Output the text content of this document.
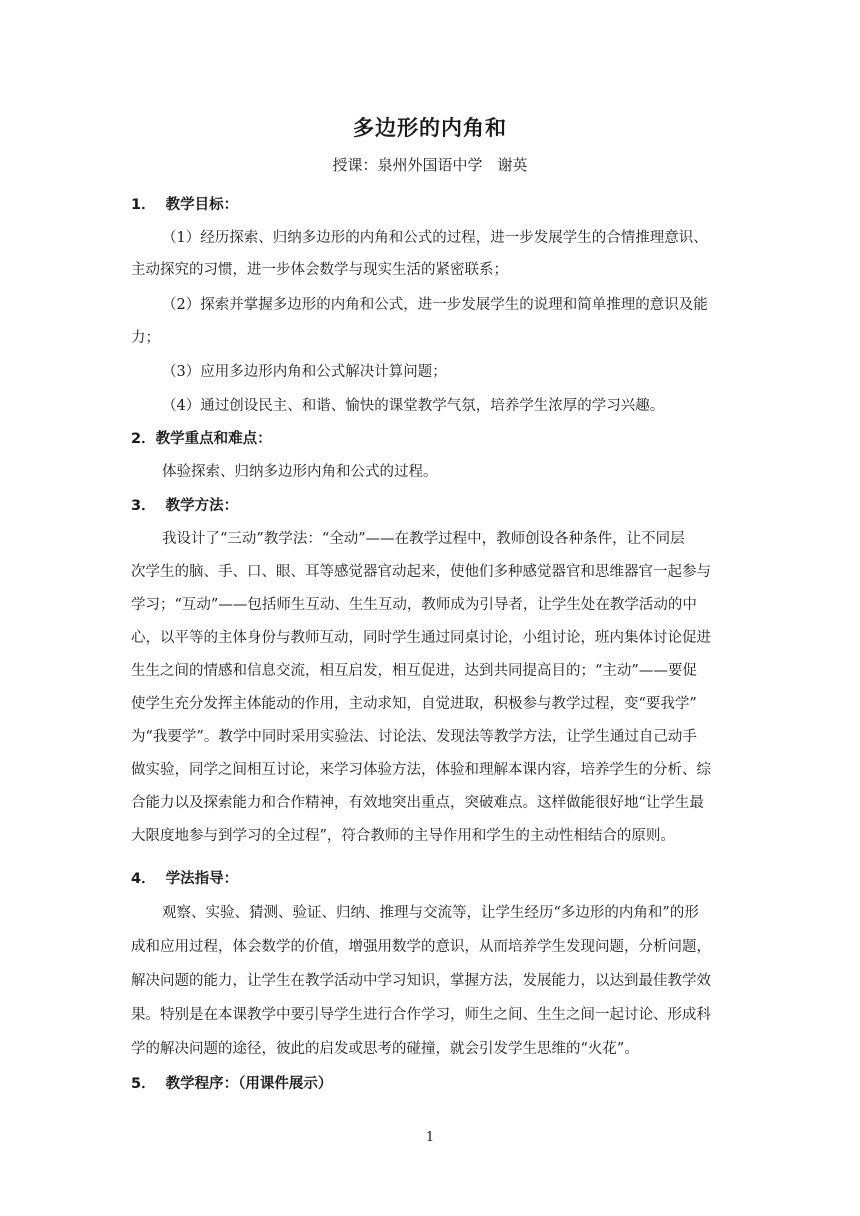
多边形的内角和
授课：泉州外国语中学　谢英
1．  教学目标：
（1）经历探索、归纳多边形的内角和公式的过程，进一步发展学生的合情推理意识、
主动探究的习惯，进一步体会数学与现实生活的紧密联系；
（2）探索并掌握多边形的内角和公式，进一步发展学生的说理和简单推理的意识及能
力；
（3）应用多边形内角和公式解决计算问题；
（4）通过创设民主、和谐、愉快的课堂教学气氛，培养学生浓厚的学习兴趣。
2．教学重点和难点：
体验探索、归纳多边形内角和公式的过程。
3．  教学方法：
我设计了“三动”教学法：“全动”——在教学过程中，教师创设各种条件，让不同层
次学生的脑、手、口、眼、耳等感觉器官动起来，使他们多种感觉器官和思维器官一起参与
学习；“互动”——包括师生互动、生生互动，教师成为引导者，让学生处在教学活动的中
心，以平等的主体身份与教师互动，同时学生通过同桌讨论，小组讨论，班内集体讨论促进
生生之间的情感和信息交流，相互启发，相互促进，达到共同提高目的；“主动”——要促
使学生充分发挥主体能动的作用，主动求知，自觉进取，积极参与教学过程，变“要我学”
为“我要学”。教学中同时采用实验法、讨论法、发现法等教学方法，让学生通过自己动手
做实验，同学之间相互讨论，来学习体验方法，体验和理解本课内容，培养学生的分析、综
合能力以及探索能力和合作精神，有效地突出重点，突破难点。这样做能很好地“让学生最
大限度地参与到学习的全过程”，符合教师的主导作用和学生的主动性相结合的原则。
4．  学法指导：
观察、实验、猜测、验证、归纳、推理与交流等，让学生经历“多边形的内角和”的形
成和应用过程，体会数学的价值，增强用数学的意识，从而培养学生发现问题，分析问题，
解决问题的能力，让学生在教学活动中学习知识，掌握方法，发展能力，以达到最佳教学效
果。特别是在本课教学中要引导学生进行合作学习，师生之间、生生之间一起讨论、形成科
学的解决问题的途径，彼此的启发或思考的碰撞，就会引发学生思维的“火花”。
5．  教学程序：（用课件展示）
1
